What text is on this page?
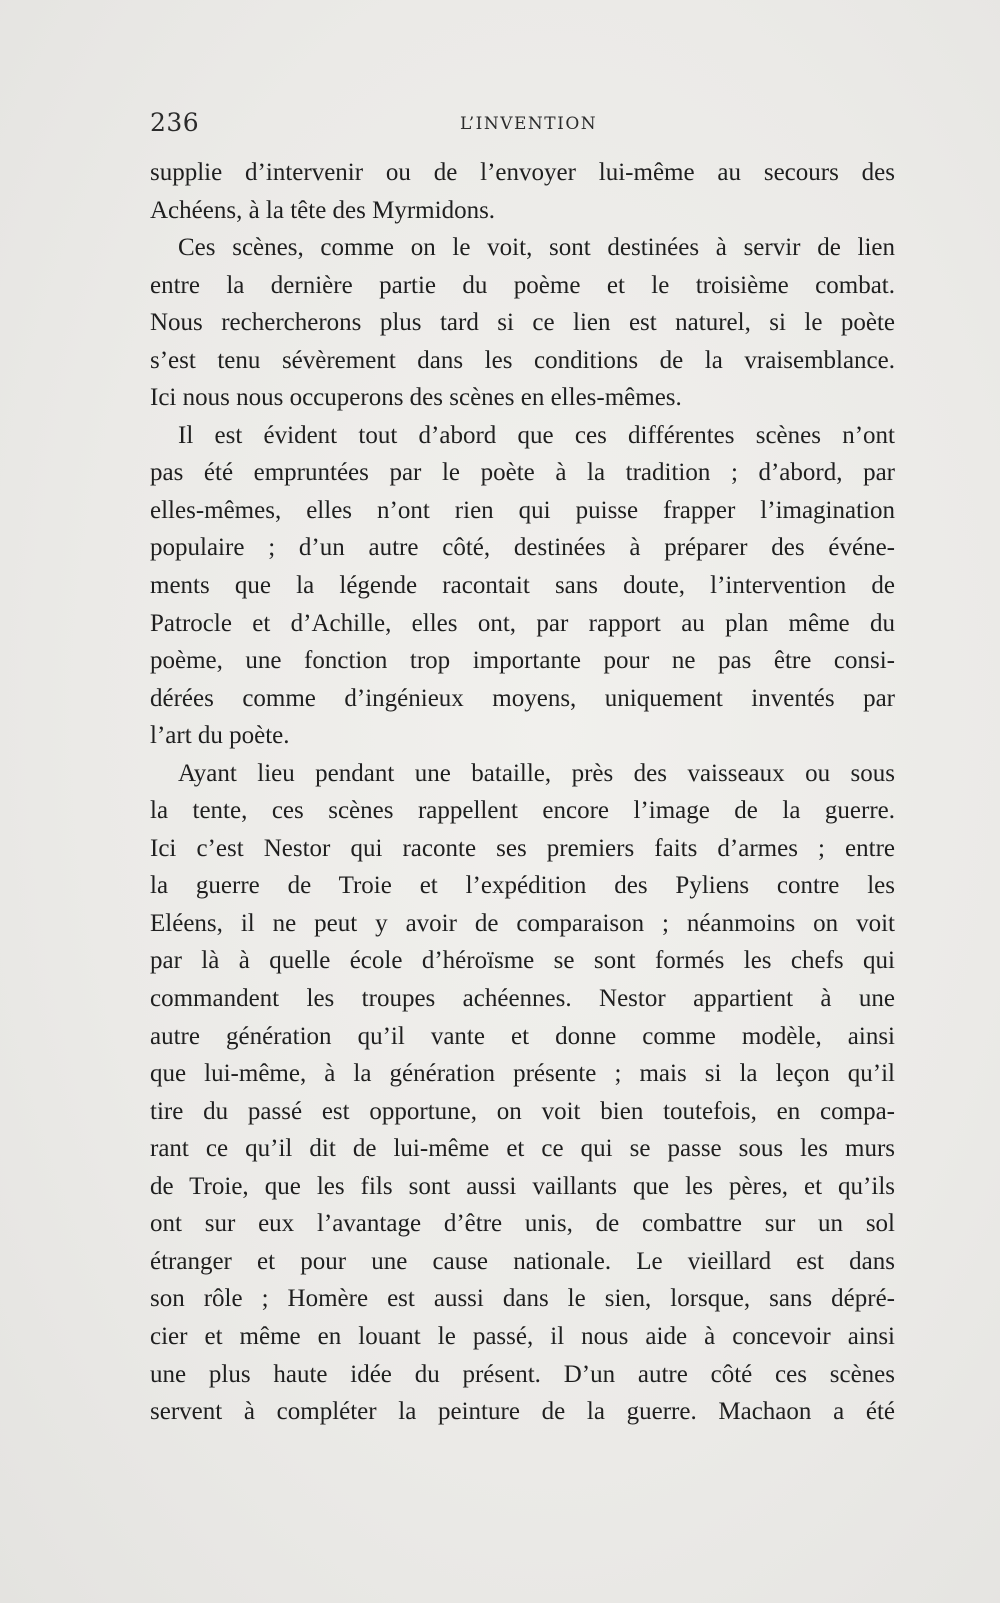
236	L’INVENTION
supplie d’intervenir ou de l’envoyer lui-même au secours des
Achéens, à la tête des Myrmidons.
Ces scènes, comme on le voit, sont destinées à servir de lien
entre la dernière partie du poème et le troisième combat.
Nous rechercherons plus tard si ce lien est naturel, si le poète
s’est tenu sévèrement dans les conditions de la vraisemblance.
Ici nous nous occuperons des scènes en elles-mêmes.
Il est évident tout d’abord que ces différentes scènes n’ont
pas été empruntées par le poète à la tradition ; d’abord, par
elles-mêmes, elles n’ont rien qui puisse frapper l’imagination
populaire ; d’un autre côté, destinées à préparer des événe-
ments que la légende racontait sans doute, l’intervention de
Patrocle et d’Achille, elles ont, par rapport au plan même du
poème, une fonction trop importante pour ne pas être consi-
dérées comme d’ingénieux moyens, uniquement inventés par
l’art du poète.
Ayant lieu pendant une bataille, près des vaisseaux ou sous
la tente, ces scènes rappellent encore l’image de la guerre.
Ici c’est Nestor qui raconte ses premiers faits d’armes ; entre
la guerre de Troie et l’expédition des Pyliens contre les
Eléens, il ne peut y avoir de comparaison ; néanmoins on voit
par là à quelle école d’héroïsme se sont formés les chefs qui
commandent les troupes achéennes. Nestor appartient à une
autre génération qu’il vante et donne comme modèle, ainsi
que lui-même, à la génération présente ; mais si la leçon qu’il
tire du passé est opportune, on voit bien toutefois, en compa-
rant ce qu’il dit de lui-même et ce qui se passe sous les murs
de Troie, que les fils sont aussi vaillants que les pères, et qu’ils
ont sur eux l’avantage d’être unis, de combattre sur un sol
étranger et pour une cause nationale. Le vieillard est dans
son rôle ; Homère est aussi dans le sien, lorsque, sans dépré-
cier et même en louant le passé, il nous aide à concevoir ainsi
une plus haute idée du présent. D’un autre côté ces scènes
servent à compléter la peinture de la guerre. Machaon a été
